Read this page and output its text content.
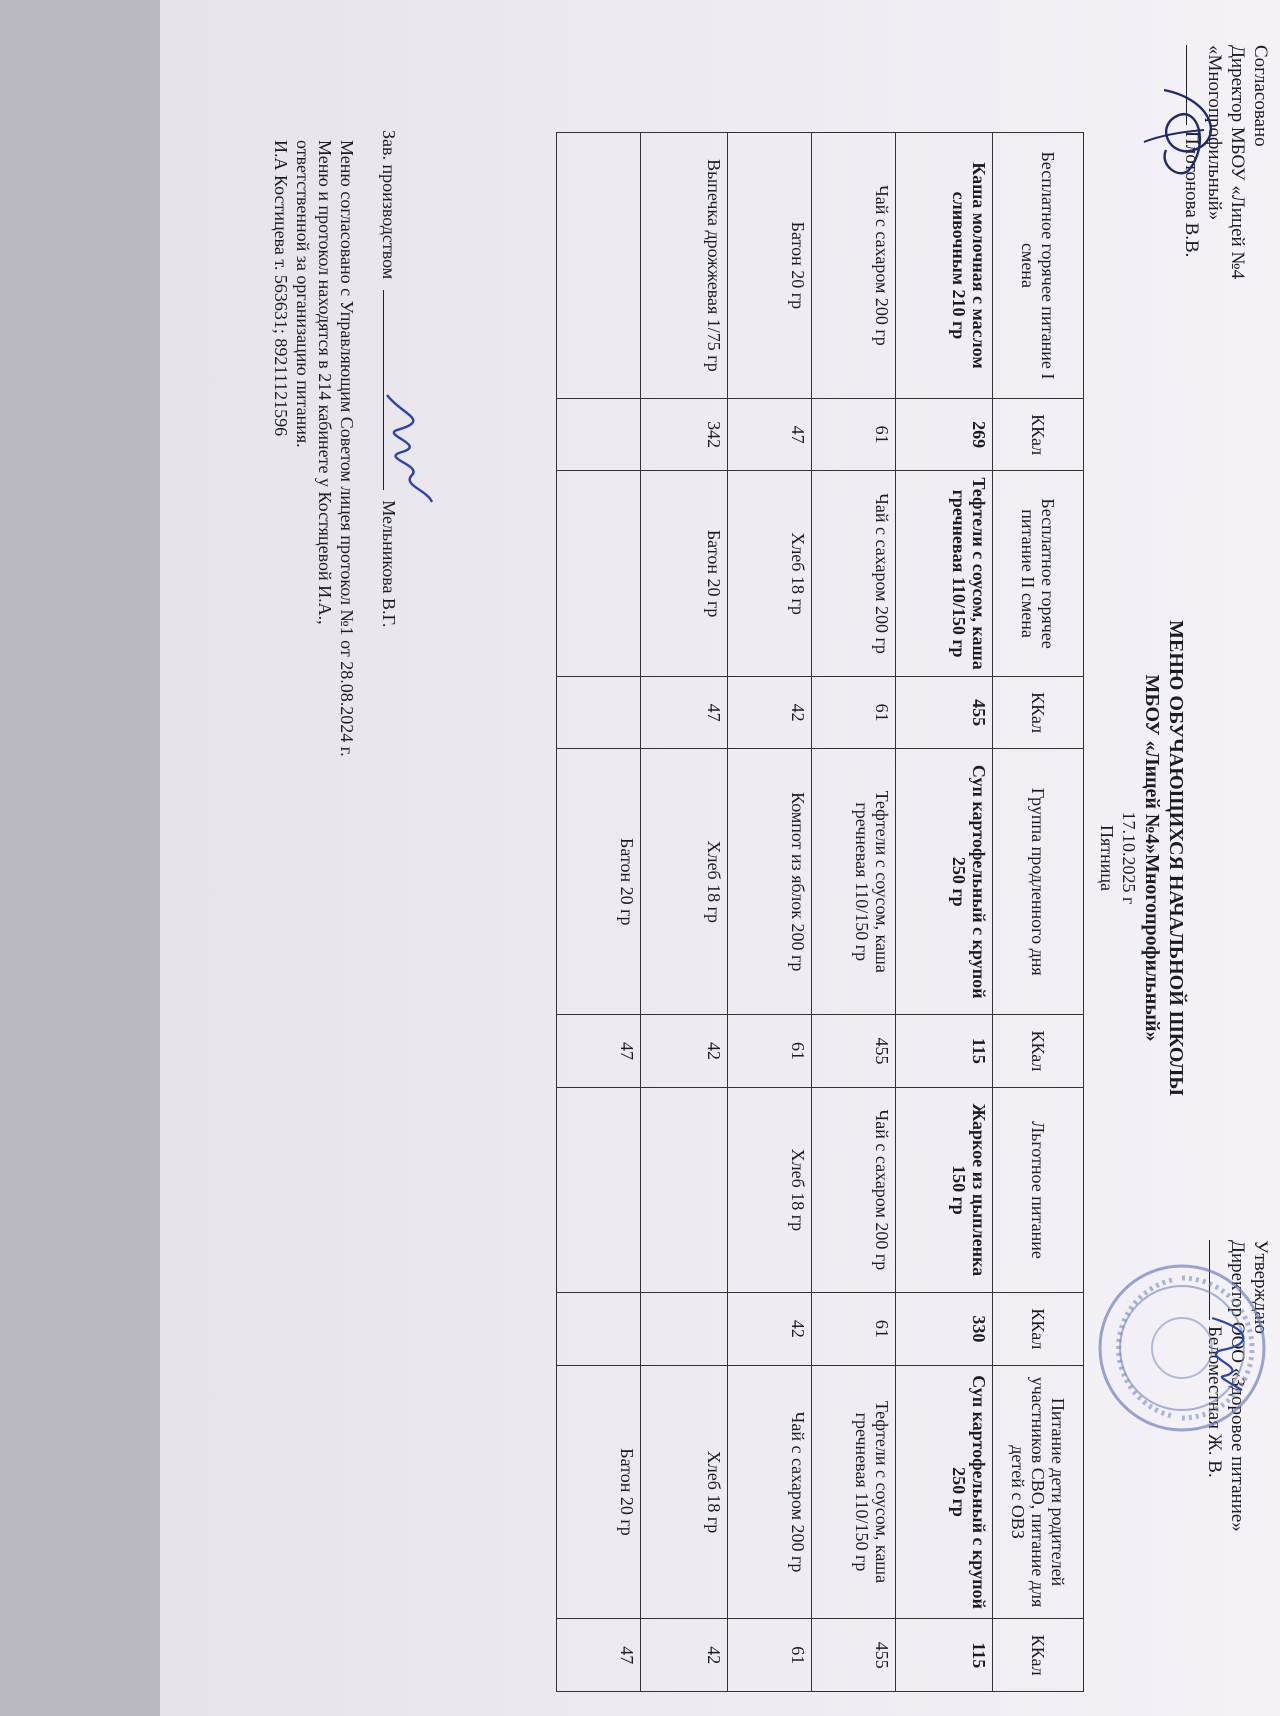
Согласовано
Директор МБОУ «Лицей №4
«Многопрофильный»
Плотонова В.В.
Утверждаю
Директор ООО «Здоровое питание»
Беломестная Ж. В.
МЕНЮ ОБУЧАЮЩИХСЯ НАЧАЛЬНОЙ ШКОЛЫ
МБОУ «Лицей №4»Многопрофильный»
17.10.2025 г
Пятница
Бесплатное горячее питание I смена	ККал	Бесплатное горячее питание II смена	ККал	Группа продленного дня	ККал	Льготное питание	ККал	Питание дети родителей участников СВО, питание для детей с ОВЗ	ККал
Каша молочная с маслом сливочным 210 гр	269	Тефтели с соусом, каша гречневая 110/150 гр	455	Суп картофельный с крупой 250 гр	115	Жаркое из цыпленка 150 гр	330	Суп картофельный с крупой 250 гр	115
Чай с сахаром 200 гр	61	Чай с сахаром 200 гр	61	Тефтели с соусом, каша гречневая 110/150 гр	455	Чай с сахаром 200 гр	61	Тефтели с соусом, каша гречневая 110/150 гр	455
Батон 20 гр	47	Хлеб 18 гр	42	Компот из яблок 200 гр	61	Хлеб 18 гр	42	Чай с сахаром 200 гр	61
Выпечка дрожжевая 1/75 гр	342	Батон 20 гр	47	Хлеб 18 гр	42			Хлеб 18 гр	42
				Батон 20 гр	47			Батон 20 гр	47
Зав. производством  Мельникова В.Г.
Меню согласовано с Управляющим Советом лицея протокол №1 от 28.08.2024 г.
Меню и протокол находятся в 214 кабинете у Костяцевой И.А.,
ответственной за организацию питания.
И.А Костицева т. 563631; 89211121596
